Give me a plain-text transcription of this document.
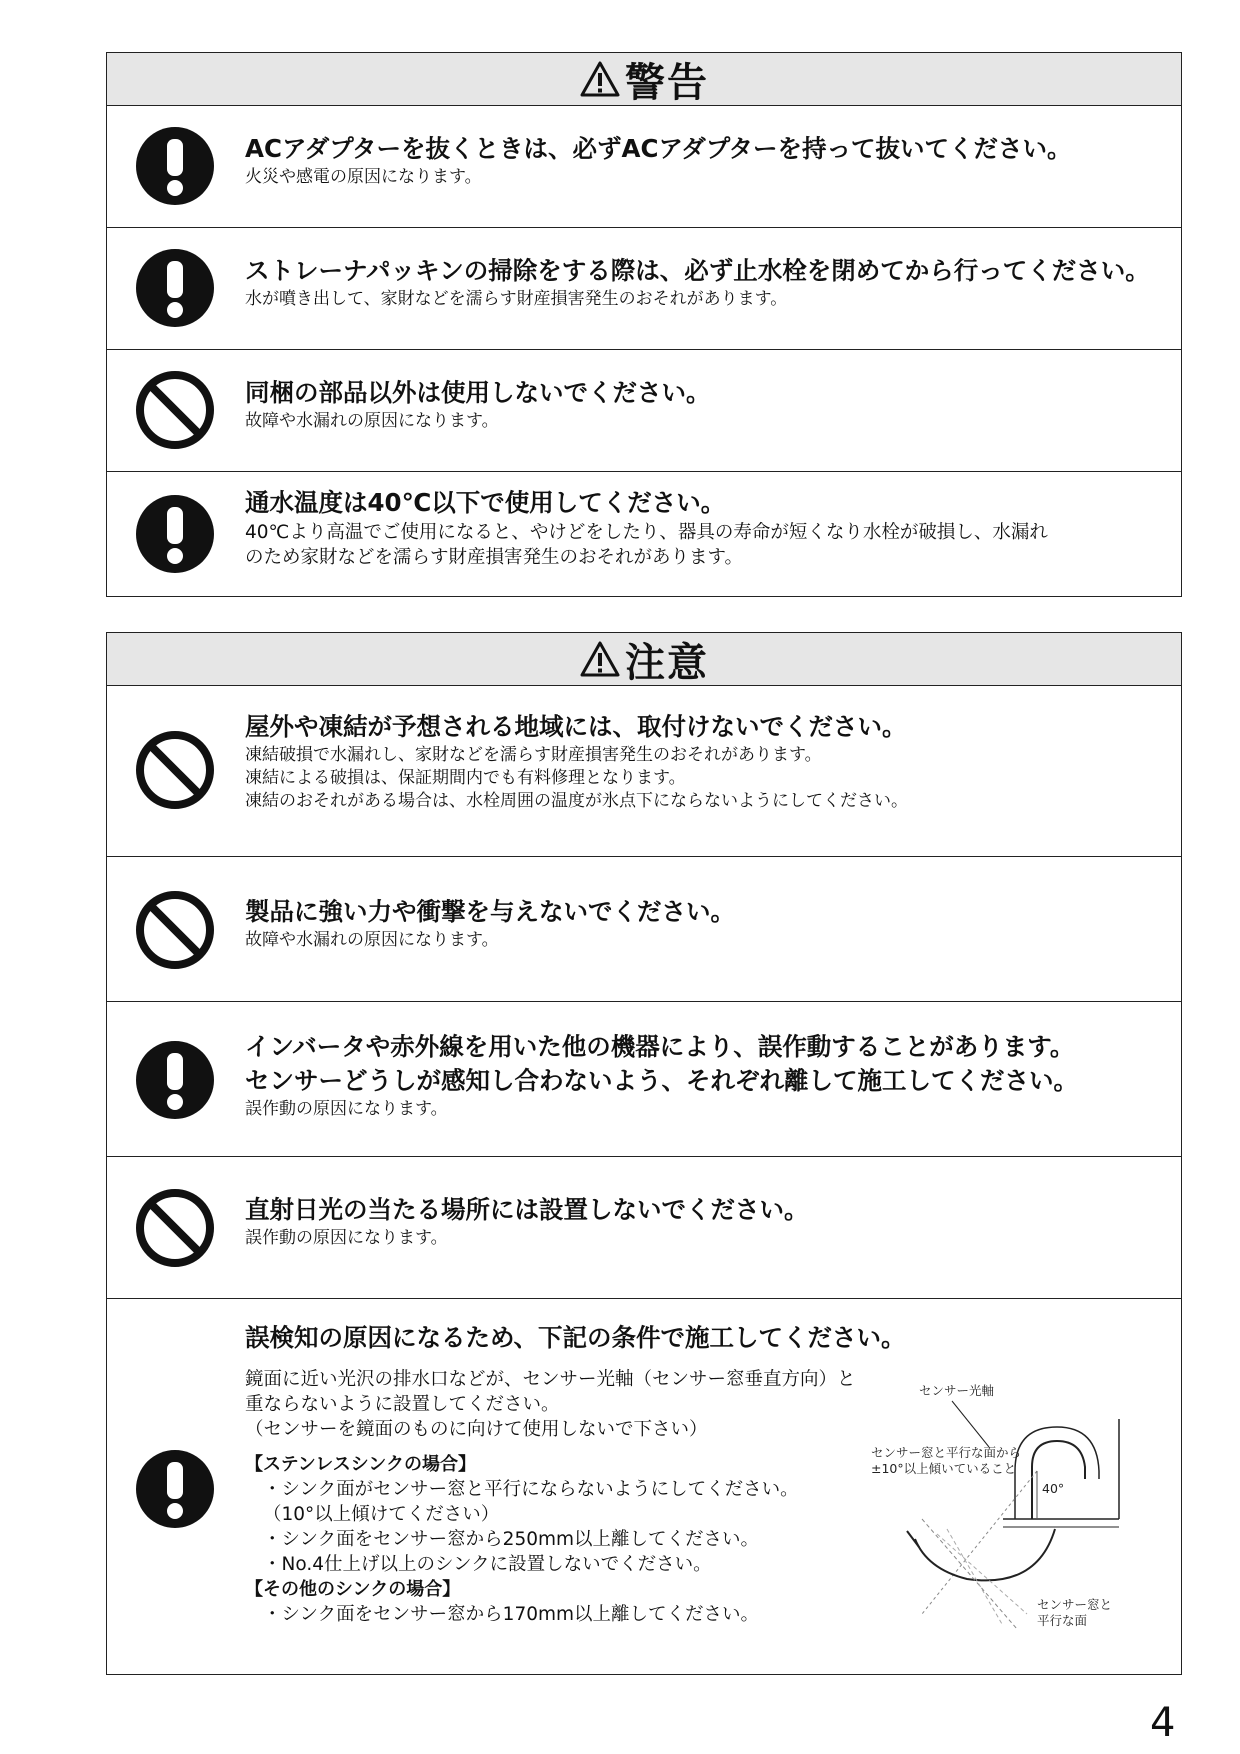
警告
ACアダプターを抜くときは、必ずACアダプターを持って抜いてください。
火災や感電の原因になります。
ストレーナパッキンの掃除をする際は、必ず止水栓を閉めてから行ってください。
水が噴き出して、家財などを濡らす財産損害発生のおそれがあります。
同梱の部品以外は使用しないでください。
故障や水漏れの原因になります。
通水温度は40℃以下で使用してください。
40℃より高温でご使用になると、やけどをしたり、器具の寿命が短くなり水栓が破損し、水漏れ
のため家財などを濡らす財産損害発生のおそれがあります。
注意
屋外や凍結が予想される地域には、取付けないでください。
凍結破損で水漏れし、家財などを濡らす財産損害発生のおそれがあります。
凍結による破損は、保証期間内でも有料修理となります。
凍結のおそれがある場合は、水栓周囲の温度が氷点下にならないようにしてください。
製品に強い力や衝撃を与えないでください。
故障や水漏れの原因になります。
インバータや赤外線を用いた他の機器により、誤作動することがあります。
センサーどうしが感知し合わないよう、それぞれ離して施工してください。
誤作動の原因になります。
直射日光の当たる場所には設置しないでください。
誤作動の原因になります。
誤検知の原因になるため、下記の条件で施工してください。
鏡面に近い光沢の排水口などが、センサー光軸（センサー窓垂直方向）と
重ならないように設置してください。
（センサーを鏡面のものに向けて使用しないで下さい）
【ステンレスシンクの場合】
・シンク面がセンサー窓と平行にならないようにしてください。
（10°以上傾けてください）
・シンク面をセンサー窓から250mm以上離してください。
・No.4仕上げ以上のシンクに設置しないでください。
【その他のシンクの場合】
・シンク面をセンサー窓から170mm以上離してください。
センサー光軸
40°
センサー窓と平行な面から
±10°以上傾いていること
センサー窓と
平行な面
4
